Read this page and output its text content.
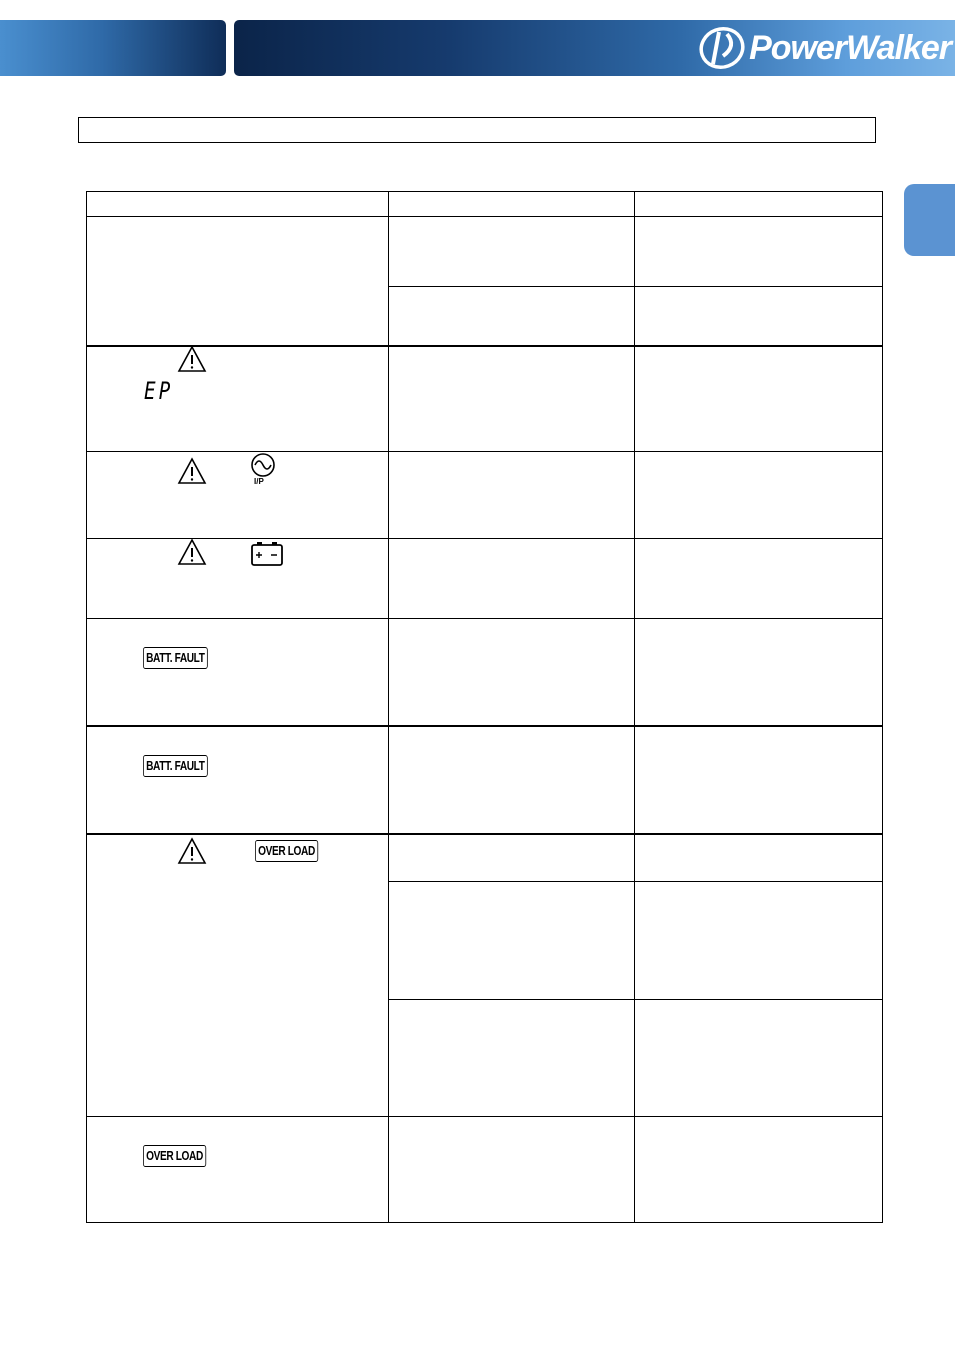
PowerWalker
EP
I/P
BATT. FAULT
BATT. FAULT
OVER LOAD
OVER LOAD
